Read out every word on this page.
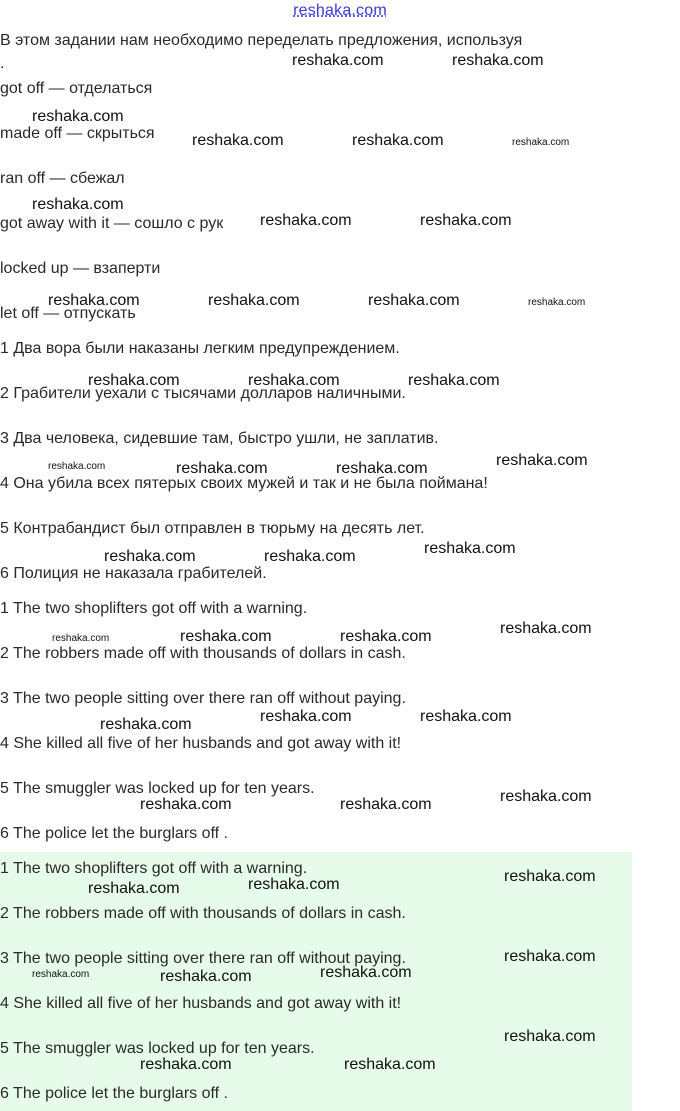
reshaka.com
В этом задании нам необходимо переделать предложения, используя
.
got off — отделаться
made off — скрыться
ran off — сбежал
got away with it — сошло с рук
locked up — взаперти
let off — отпускать
1 Два вора были наказаны легким предупреждением.
2 Грабители уехали с тысячами долларов наличными.
3 Два человека, сидевшие там, быстро ушли, не заплатив.
4 Она убила всех пятерых своих мужей и так и не была поймана!
5 Контрабандист был отправлен в тюрьму на десять лет.
6 Полиция не наказала грабителей.
1 The two shoplifters got off with a warning.
2 The robbers made off with thousands of dollars in cash.
3 The two people sitting over there ran off without paying.
4 She killed all five of her husbands and got away with it!
5 The smuggler was locked up for ten years.
6 The police let the burglars off .
1 The two shoplifters got off with a warning.
2 The robbers made off with thousands of dollars in cash.
3 The two people sitting over there ran off without paying.
4 She killed all five of her husbands and got away with it!
5 The smuggler was locked up for ten years.
6 The police let the burglars off .
reshaka.com	reshaka.com
reshaka.com
reshaka.com	reshaka.com	reshaka.com
reshaka.com
reshaka.com	reshaka.com
reshaka.com	reshaka.com	reshaka.com	reshaka.com
reshaka.com	reshaka.com	reshaka.com
reshaka.com	reshaka.com	reshaka.com	reshaka.com
reshaka.com	reshaka.com	reshaka.com
reshaka.com	reshaka.com	reshaka.com	reshaka.com
reshaka.com	reshaka.com	reshaka.com
reshaka.com	reshaka.com	reshaka.com
reshaka.com	reshaka.com	reshaka.com
reshaka.com	reshaka.com	reshaka.com
reshaka.com
reshaka.com
reshaka.com	reshaka.com
